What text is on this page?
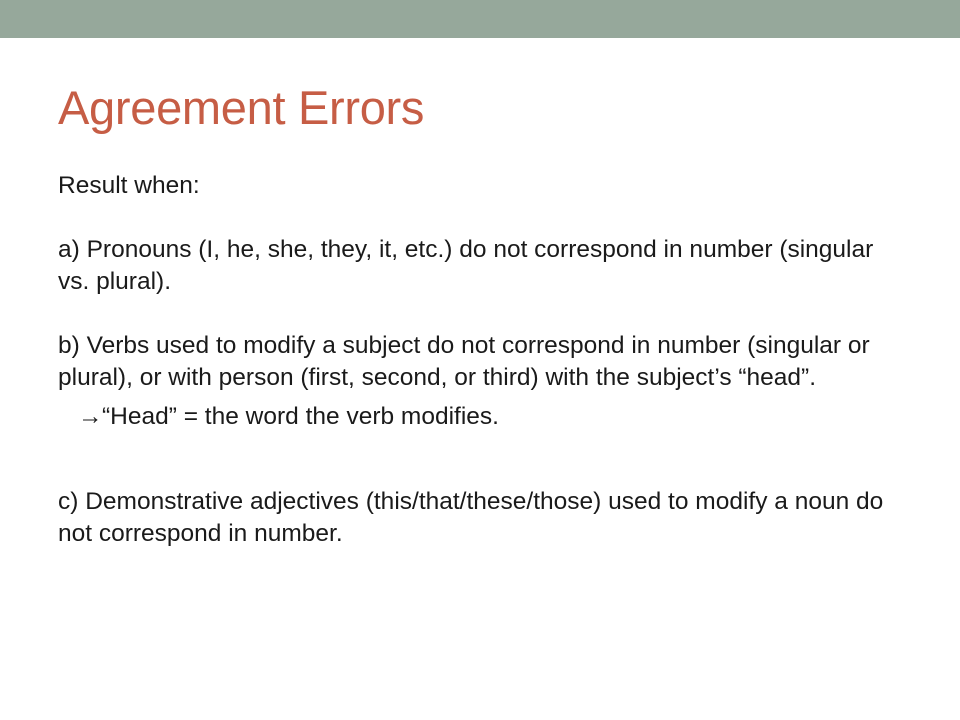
Agreement Errors

Result when:

a) Pronouns (I, he, she, they, it, etc.) do not correspond in number (singular vs. plural).

b) Verbs used to modify a subject do not correspond in number (singular or plural), or with person (first, second, or third) with the subject’s “head”.

→“Head” = the word the verb modifies.

c) Demonstrative adjectives (this/that/these/those) used to modify a noun do not correspond in number.
